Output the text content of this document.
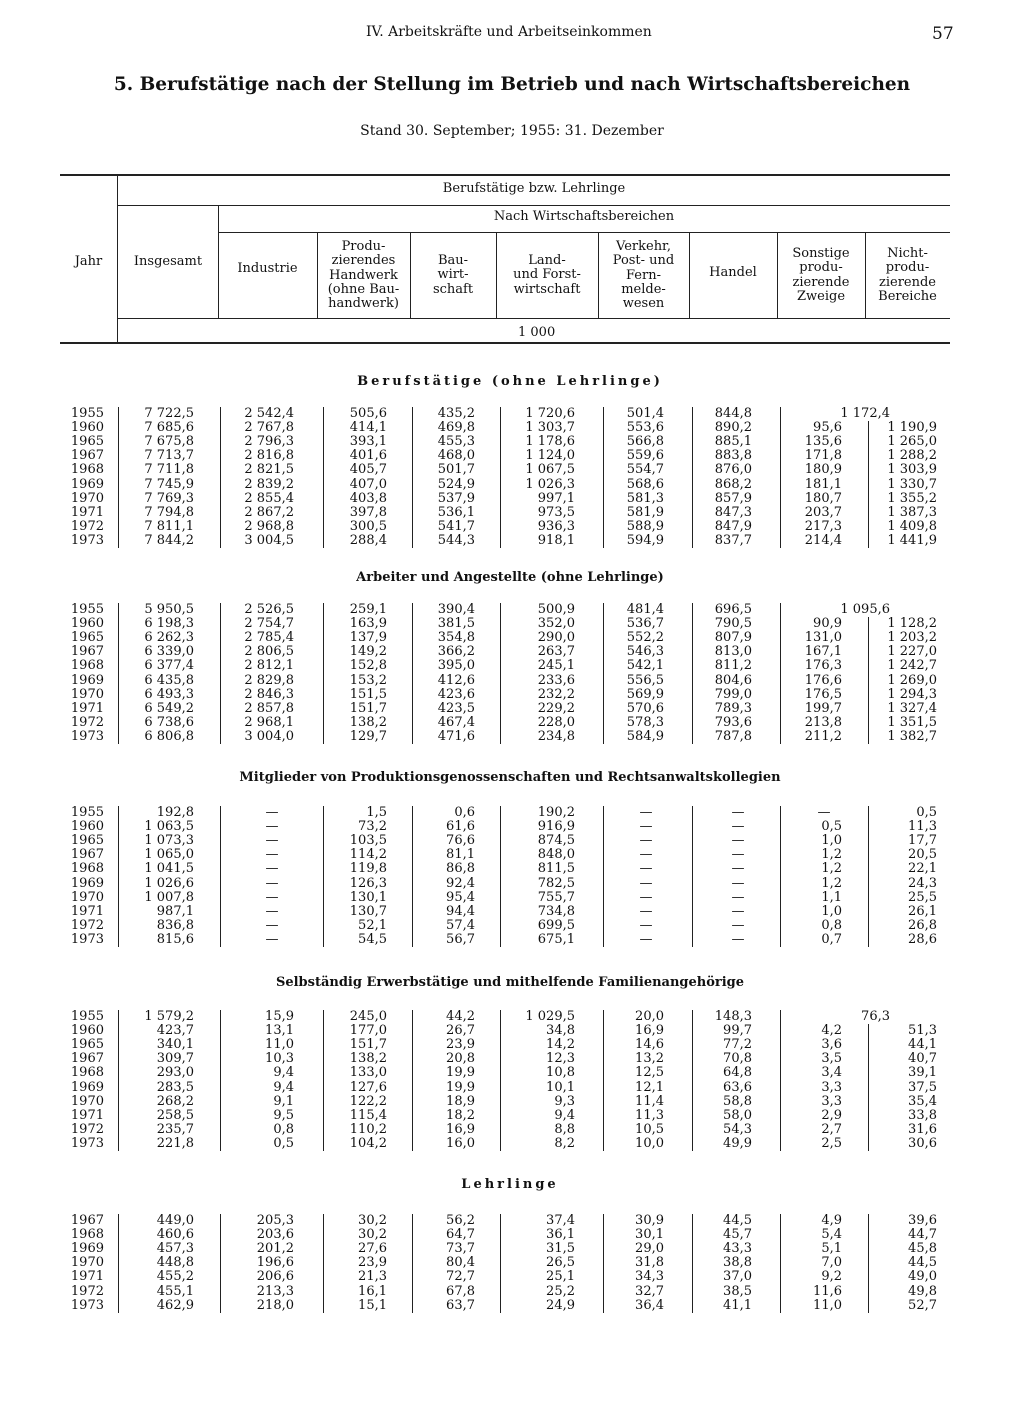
IV. Arbeitskräfte und Arbeitseinkommen	57
5. Berufstätige nach der Stellung im Betrieb und nach Wirtschaftsbereichen
Stand 30. September; 1955: 31. Dezember
Jahr
Berufstätige bzw. Lehrlinge
Nach Wirtschaftsbereichen
Insgesamt	Industrie
Produ-
zierendes
Handwerk
(ohne Bau-
handwerk)
Bau-
wirt-
schaft
Land-
und Forst-
wirtschaft
Verkehr,
Post- und
Fern-
melde-
wesen
Handel
Sonstige
produ-
zierende
Zweige
Nicht-
produ-
zierende
Bereiche
1 000
Berufstätige (ohne Lehrlinge)
1955	7 722,5	2 542,4	505,6	435,2	1 720,6	501,4	844,8	1 172,4
1960	7 685,6	2 767,8	414,1	469,8	1 303,7	553,6	890,2	95,6	1 190,9
1965	7 675,8	2 796,3	393,1	455,3	1 178,6	566,8	885,1	135,6	1 265,0
1967	7 713,7	2 816,8	401,6	468,0	1 124,0	559,6	883,8	171,8	1 288,2
1968	7 711,8	2 821,5	405,7	501,7	1 067,5	554,7	876,0	180,9	1 303,9
1969	7 745,9	2 839,2	407,0	524,9	1 026,3	568,6	868,2	181,1	1 330,7
1970	7 769,3	2 855,4	403,8	537,9	997,1	581,3	857,9	180,7	1 355,2
1971	7 794,8	2 867,2	397,8	536,1	973,5	581,9	847,3	203,7	1 387,3
1972	7 811,1	2 968,8	300,5	541,7	936,3	588,9	847,9	217,3	1 409,8
1973	7 844,2	3 004,5	288,4	544,3	918,1	594,9	837,7	214,4	1 441,9
Arbeiter und Angestellte (ohne Lehrlinge)
1955	5 950,5	2 526,5	259,1	390,4	500,9	481,4	696,5	1 095,6
1960	6 198,3	2 754,7	163,9	381,5	352,0	536,7	790,5	90,9	1 128,2
1965	6 262,3	2 785,4	137,9	354,8	290,0	552,2	807,9	131,0	1 203,2
1967	6 339,0	2 806,5	149,2	366,2	263,7	546,3	813,0	167,1	1 227,0
1968	6 377,4	2 812,1	152,8	395,0	245,1	542,1	811,2	176,3	1 242,7
1969	6 435,8	2 829,8	153,2	412,6	233,6	556,5	804,6	176,6	1 269,0
1970	6 493,3	2 846,3	151,5	423,6	232,2	569,9	799,0	176,5	1 294,3
1971	6 549,2	2 857,8	151,7	423,5	229,2	570,6	789,3	199,7	1 327,4
1972	6 738,6	2 968,1	138,2	467,4	228,0	578,3	793,6	213,8	1 351,5
1973	6 806,8	3 004,0	129,7	471,6	234,8	584,9	787,8	211,2	1 382,7
Mitglieder von Produktionsgenossenschaften und Rechtsanwaltskollegien
1955	192,8	—	1,5	0,6	190,2	—	—	—	0,5
1960	1 063,5	—	73,2	61,6	916,9	—	—	0,5	11,3
1965	1 073,3	—	103,5	76,6	874,5	—	—	1,0	17,7
1967	1 065,0	—	114,2	81,1	848,0	—	—	1,2	20,5
1968	1 041,5	—	119,8	86,8	811,5	—	—	1,2	22,1
1969	1 026,6	—	126,3	92,4	782,5	—	—	1,2	24,3
1970	1 007,8	—	130,1	95,4	755,7	—	—	1,1	25,5
1971	987,1	—	130,7	94,4	734,8	—	—	1,0	26,1
1972	836,8	—	52,1	57,4	699,5	—	—	0,8	26,8
1973	815,6	—	54,5	56,7	675,1	—	—	0,7	28,6
Selbständig Erwerbstätige und mithelfende Familienangehörige
1955	1 579,2	15,9	245,0	44,2	1 029,5	20,0	148,3	76,3
1960	423,7	13,1	177,0	26,7	34,8	16,9	99,7	4,2	51,3
1965	340,1	11,0	151,7	23,9	14,2	14,6	77,2	3,6	44,1
1967	309,7	10,3	138,2	20,8	12,3	13,2	70,8	3,5	40,7
1968	293,0	9,4	133,0	19,9	10,8	12,5	64,8	3,4	39,1
1969	283,5	9,4	127,6	19,9	10,1	12,1	63,6	3,3	37,5
1970	268,2	9,1	122,2	18,9	9,3	11,4	58,8	3,3	35,4
1971	258,5	9,5	115,4	18,2	9,4	11,3	58,0	2,9	33,8
1972	235,7	0,8	110,2	16,9	8,8	10,5	54,3	2,7	31,6
1973	221,8	0,5	104,2	16,0	8,2	10,0	49,9	2,5	30,6
Lehrlinge
1967	449,0	205,3	30,2	56,2	37,4	30,9	44,5	4,9	39,6
1968	460,6	203,6	30,2	64,7	36,1	30,1	45,7	5,4	44,7
1969	457,3	201,2	27,6	73,7	31,5	29,0	43,3	5,1	45,8
1970	448,8	196,6	23,9	80,4	26,5	31,8	38,8	7,0	44,5
1971	455,2	206,6	21,3	72,7	25,1	34,3	37,0	9,2	49,0
1972	455,1	213,3	16,1	67,8	25,2	32,7	38,5	11,6	49,8
1973	462,9	218,0	15,1	63,7	24,9	36,4	41,1	11,0	52,7
